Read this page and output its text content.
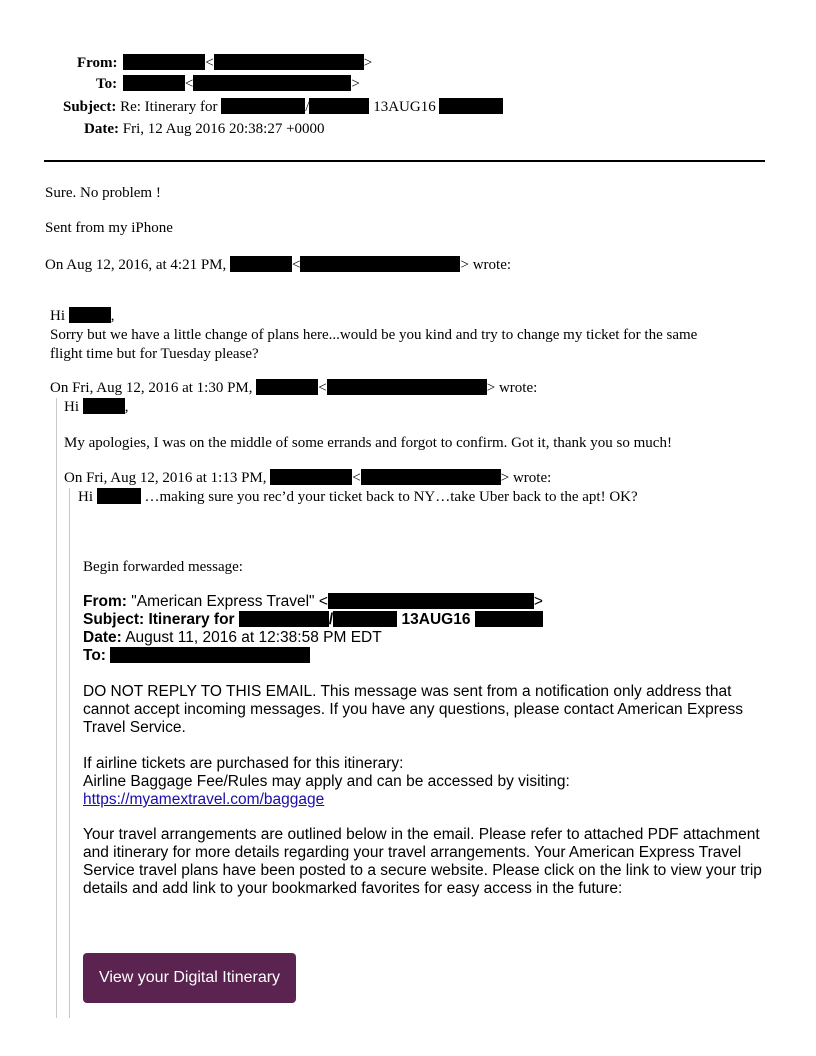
From:	<	>
To:	<	>
Subject: Re: Itinerary for	/	13AUG16
Date: Fri, 12 Aug 2016 20:38:27 +0000
Sure. No problem !
Sent from my iPhone
On Aug 12, 2016, at 4:21 PM,	<	> wrote:
Hi	,
Sorry but we have a little change of plans here...would be you kind and try to change my ticket for the same
flight time but for Tuesday please?
On Fri, Aug 12, 2016 at 1:30 PM,	<	> wrote:
Hi	,
My apologies, I was on the middle of some errands and forgot to confirm. Got it, thank you so much!
On Fri, Aug 12, 2016 at 1:13 PM,	<	> wrote:
Hi	…making sure you rec’d your ticket back to NY…take Uber back to the apt! OK?
Begin forwarded message:
From: "American Express Travel" <	>
Subject: Itinerary for	/	13AUG16
Date: August 11, 2016 at 12:38:58 PM EDT
To:
DO NOT REPLY TO THIS EMAIL. This message was sent from a notification only address that cannot accept incoming messages. If you have any questions, please contact American Express Travel Service.
If airline tickets are purchased for this itinerary:
Airline Baggage Fee/Rules may apply and can be accessed by visiting:
https://myamextravel.com/baggage
Your travel arrangements are outlined below in the email. Please refer to attached PDF attachment and itinerary for more details regarding your travel arrangements. Your American Express Travel Service travel plans have been posted to a secure website. Please click on the link to view your trip details and add link to your bookmarked favorites for easy access in the future:
View your Digital Itinerary
